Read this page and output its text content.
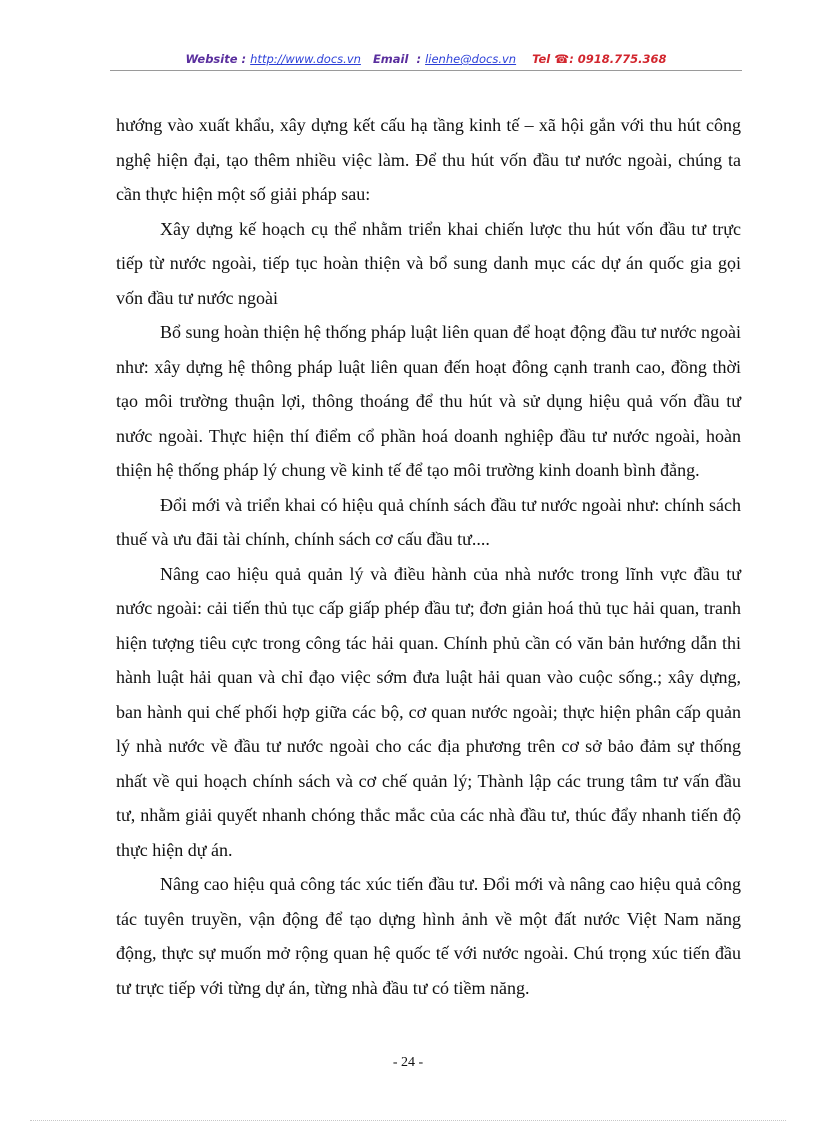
Website : http://www.docs.vn Email : lienhe@docs.vn Tel ☎: 0918.775.368

hướng vào xuất khẩu, xây dựng kết cấu hạ tầng kinh tế – xã hội gắn với thu hút công nghệ hiện đại, tạo thêm nhiều việc làm. Để thu hút vốn đầu tư nước ngoài, chúng ta cần thực hiện một số giải pháp sau:

Xây dựng kế hoạch cụ thể nhằm triển khai chiến lược thu hút vốn đầu tư trực tiếp từ nước ngoài, tiếp tục hoàn thiện và bổ sung danh mục các dự án quốc gia gọi vốn đầu tư nước ngoài

Bổ sung hoàn thiện hệ thống pháp luật liên quan để hoạt động đầu tư nước ngoài như: xây dựng hệ thông pháp luật liên quan đến hoạt đông cạnh tranh cao, đồng thời tạo môi trường thuận lợi, thông thoáng để thu hút và sử dụng hiệu quả vốn đầu tư nước ngoài. Thực hiện thí điểm cổ phần hoá doanh nghiệp đầu tư nước ngoài, hoàn thiện hệ thống pháp lý chung về kinh tế để tạo môi trường kinh doanh bình đẳng.

Đổi mới và triển khai có hiệu quả chính sách đầu tư nước ngoài như: chính sách thuế và ưu đãi tài chính, chính sách cơ cấu đầu tư....

Nâng cao hiệu quả quản lý và điều hành của nhà nước trong lĩnh vực đầu tư nước ngoài: cải tiến thủ tục cấp giấp phép đầu tư; đơn giản hoá thủ tục hải quan, tranh hiện tượng tiêu cực trong công tác hải quan. Chính phủ cần có văn bản hướng dẫn thi hành luật hải quan và chỉ đạo việc sớm đưa luật hải quan vào cuộc sống.; xây dựng, ban hành qui chế phối hợp giữa các bộ, cơ quan nước ngoài; thực hiện phân cấp quản lý nhà nước về đầu tư nước ngoài cho các địa phương trên cơ sở bảo đảm sự thống nhất về qui hoạch chính sách và cơ chế quản lý; Thành lập các trung tâm tư vấn đầu tư, nhằm giải quyết nhanh chóng thắc mắc của các nhà đầu tư, thúc đẩy nhanh tiến độ thực hiện dự án.

Nâng cao hiệu quả công tác xúc tiến đầu tư. Đổi mới và nâng cao hiệu quả công tác tuyên truyền, vận động để tạo dựng hình ảnh về một đất nước Việt Nam năng động, thực sự muốn mở rộng quan hệ quốc tế với nước ngoài. Chú trọng xúc tiến đầu tư trực tiếp với từng dự án, từng nhà đầu tư có tiềm năng.

- 24 -
